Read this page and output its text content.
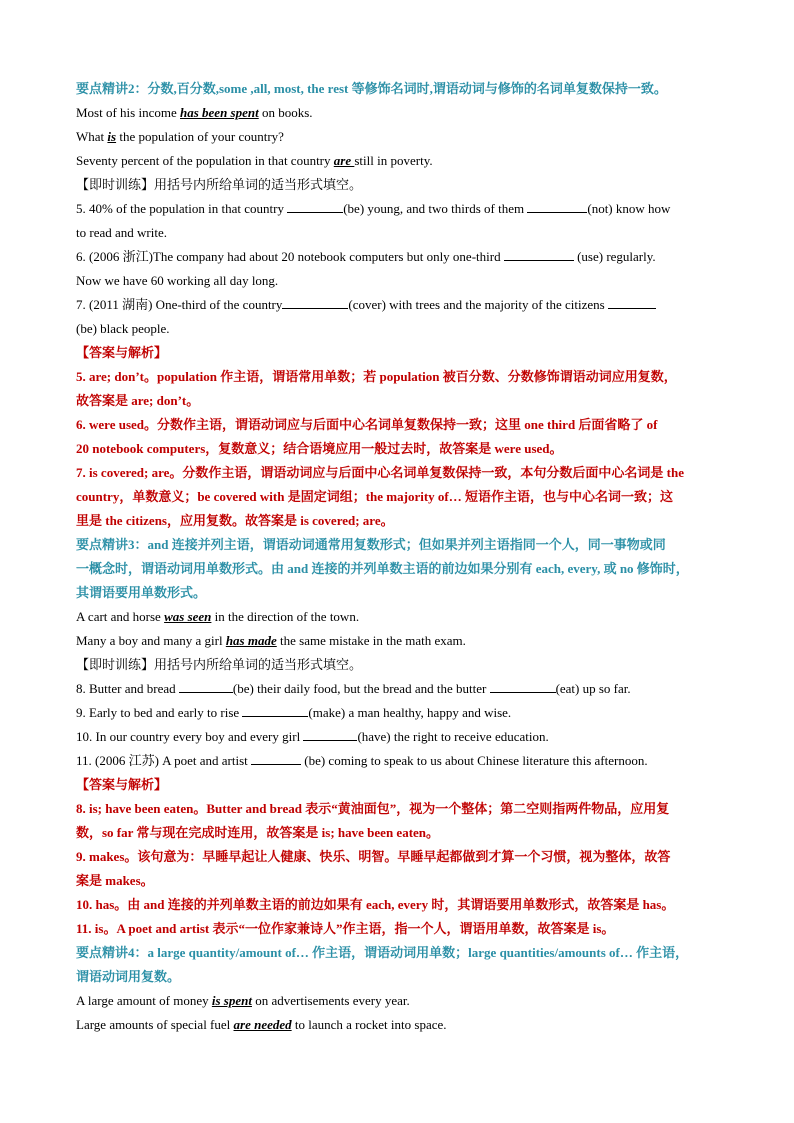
要点精讲2：分数,百分数,some ,all, most, the rest 等修饰名词时,谓语动词与修饰的名词单复数保持一致。
Most of his income has been spent on books.
What is the population of your country?
Seventy percent of the population in that country are still in poverty.
【即时训练】用括号内所给单词的适当形式填空。
5. 40% of the population in that country	(be) young, and two thirds of them	(not) know how
to read and write.
6. (2006 浙江)The company had about 20 notebook computers but only one-third	(use) regularly.
Now we have 60 working all day long.
7. (2011 湖南) One-third of the country	(cover) with trees and the majority of the citizens
(be) black people.
【答案与解析】
5. are; don’t。population 作主语，谓语常用单数；若 population 被百分数、分数修饰谓语动词应用复数，
故答案是 are; don’t。
6. were used。分数作主语，谓语动词应与后面中心名词单复数保持一致；这里 one third 后面省略了 of
20 notebook computers，复数意义；结合语境应用一般过去时，故答案是 were used。
7. is covered; are。分数作主语，谓语动词应与后面中心名词单复数保持一致，本句分数后面中心名词是 the
country，单数意义；be covered with 是固定词组；the majority of… 短语作主语，也与中心名词一致；这
里是 the citizens，应用复数。故答案是 is covered; are。
要点精讲3：and 连接并列主语，谓语动词通常用复数形式；但如果并列主语指同一个人，同一事物或同
一概念时，谓语动词用单数形式。由 and 连接的并列单数主语的前边如果分别有 each, every, 或 no 修饰时，
其谓语要用单数形式。
A cart and horse was seen in the direction of the town.
Many a boy and many a girl has made the same mistake in the math exam.
【即时训练】用括号内所给单词的适当形式填空。
8. Butter and bread	(be) their daily food, but the bread and the butter	(eat) up so far.
9. Early to bed and early to rise	(make) a man healthy, happy and wise.
10. In our country every boy and every girl	(have) the right to receive education.
11. (2006 江苏) A poet and artist	(be) coming to speak to us about Chinese literature this afternoon.
【答案与解析】
8. is; have been eaten。Butter and bread 表示“黄油面包”，视为一个整体；第二空则指两件物品，应用复
数，so far 常与现在完成时连用，故答案是 is; have been eaten。
9. makes。该句意为：早睡早起让人健康、快乐、明智。早睡早起都做到才算一个习惯，视为整体，故答
案是 makes。
10. has。由 and 连接的并列单数主语的前边如果有 each, every 时，其谓语要用单数形式，故答案是 has。
11. is。A poet and artist 表示“一位作家兼诗人”作主语，指一个人，谓语用单数，故答案是 is。
要点精讲4：a large quantity/amount of… 作主语，谓语动词用单数；large quantities/amounts of… 作主语，
谓语动词用复数。
A large amount of money is spent on advertisements every year.
Large amounts of special fuel are needed to launch a rocket into space.
